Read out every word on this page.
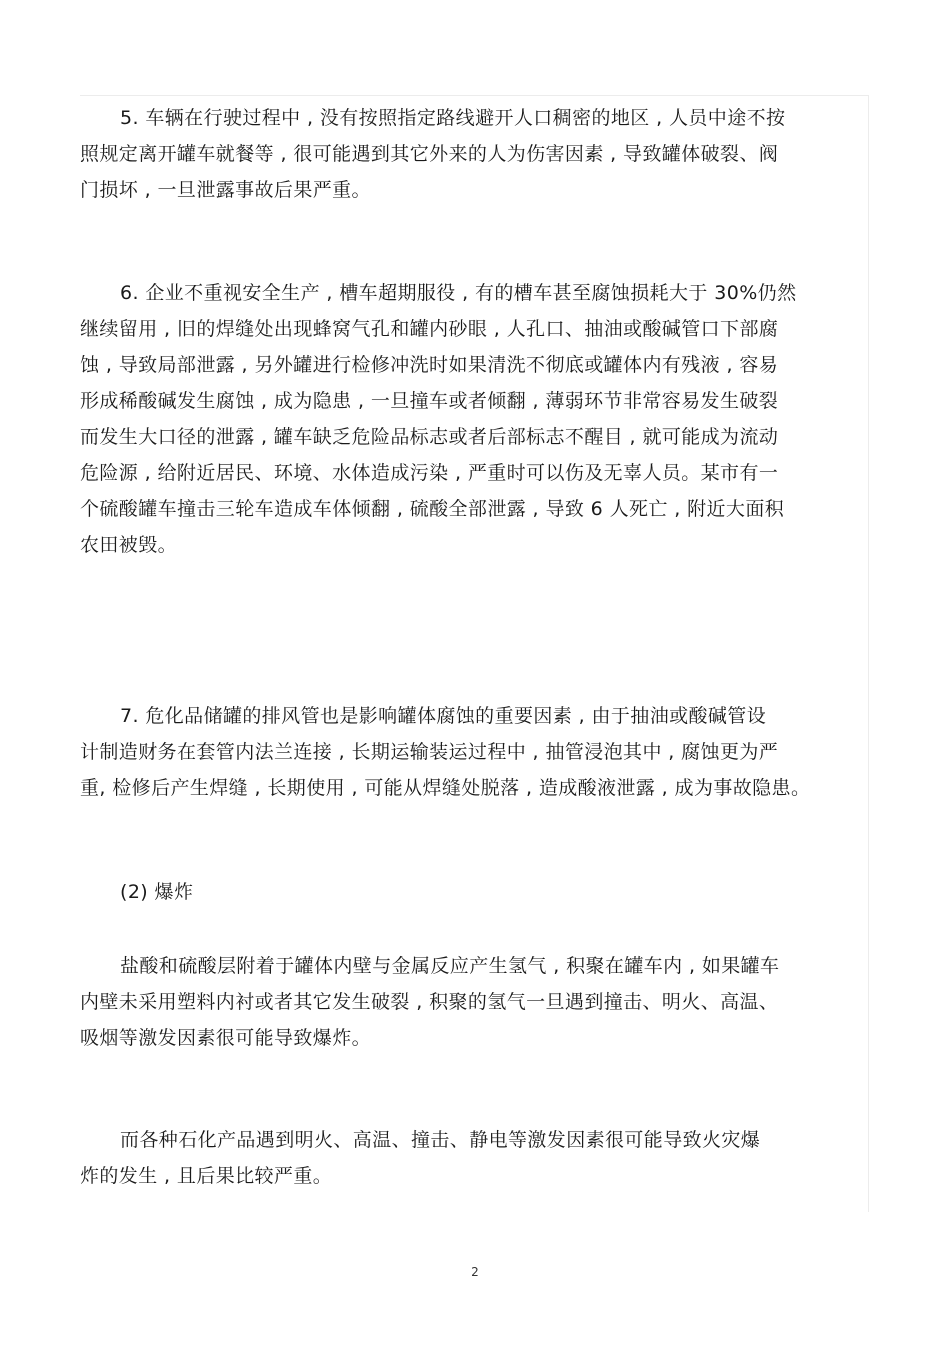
5. 车辆在行驶过程中 , 没有按照指定路线避开人口稠密的地区 , 人员中途不按
照规定离开罐车就餐等 , 很可能遇到其它外来的人为伤害因素 , 导致罐体破裂、阀
门损坏 , 一旦泄露事故后果严重。
6. 企业不重视安全生产 , 槽车超期服役 , 有的槽车甚至腐蚀损耗大于 30%仍然
继续留用 , 旧的焊缝处出现蜂窝气孔和罐内砂眼 , 人孔口、抽油或酸碱管口下部腐
蚀 , 导致局部泄露 , 另外罐进行检修冲洗时如果清洗不彻底或罐体内有残液 , 容易
形成稀酸碱发生腐蚀 , 成为隐患 , 一旦撞车或者倾翻 , 薄弱环节非常容易发生破裂
而发生大口径的泄露 , 罐车缺乏危险品标志或者后部标志不醒目 , 就可能成为流动
危险源 , 给附近居民、环境、水体造成污染 , 严重时可以伤及无辜人员。某市有一
个硫酸罐车撞击三轮车造成车体倾翻 , 硫酸全部泄露 , 导致 6 人死亡 , 附近大面积
农田被毁。
7. 危化品储罐的排风管也是影响罐体腐蚀的重要因素 , 由于抽油或酸碱管设
计制造财务在套管内法兰连接 , 长期运输装运过程中 , 抽管浸泡其中 , 腐蚀更为严
重, 检修后产生焊缝 , 长期使用 , 可能从焊缝处脱落 , 造成酸液泄露 , 成为事故隐患。
(2) 爆炸
盐酸和硫酸层附着于罐体内壁与金属反应产生氢气 , 积聚在罐车内 , 如果罐车
内壁未采用塑料内衬或者其它发生破裂 , 积聚的氢气一旦遇到撞击、明火、高温、
吸烟等激发因素很可能导致爆炸。
而各种石化产品遇到明火、高温、撞击、静电等激发因素很可能导致火灾爆
炸的发生 , 且后果比较严重。
2
